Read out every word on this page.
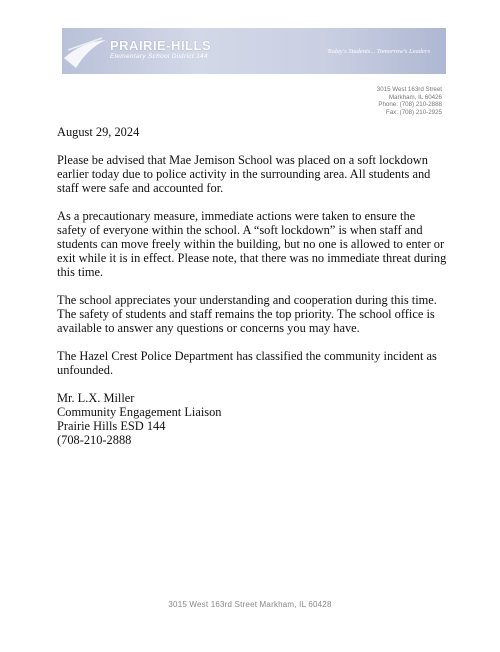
PRAIRIE-HILLS
Elementary School District 144
Today's Students... Tomorrow's Leaders
3015 West 163rd Street
Markham, IL 60426
Phone: (708) 210-2888
Fax: (708) 210-2925

August 29, 2024

Please be advised that Mae Jemison School was placed on a soft lockdown earlier today due to police activity in the surrounding area. All students and staff were safe and accounted for.

As a precautionary measure, immediate actions were taken to ensure the safety of everyone within the school. A “soft lockdown” is when staff and students can move freely within the building, but no one is allowed to enter or exit while it is in effect. Please note, that there was no immediate threat during this time.

The school appreciates your understanding and cooperation during this time. The safety of students and staff remains the top priority. The school office is available to answer any questions or concerns you may have.

The Hazel Crest Police Department has classified the community incident as unfounded.

Mr. L.X. Miller
Community Engagement Liaison
Prairie Hills ESD 144
(708-210-2888
3015 West 163rd Street Markham, IL 60428
